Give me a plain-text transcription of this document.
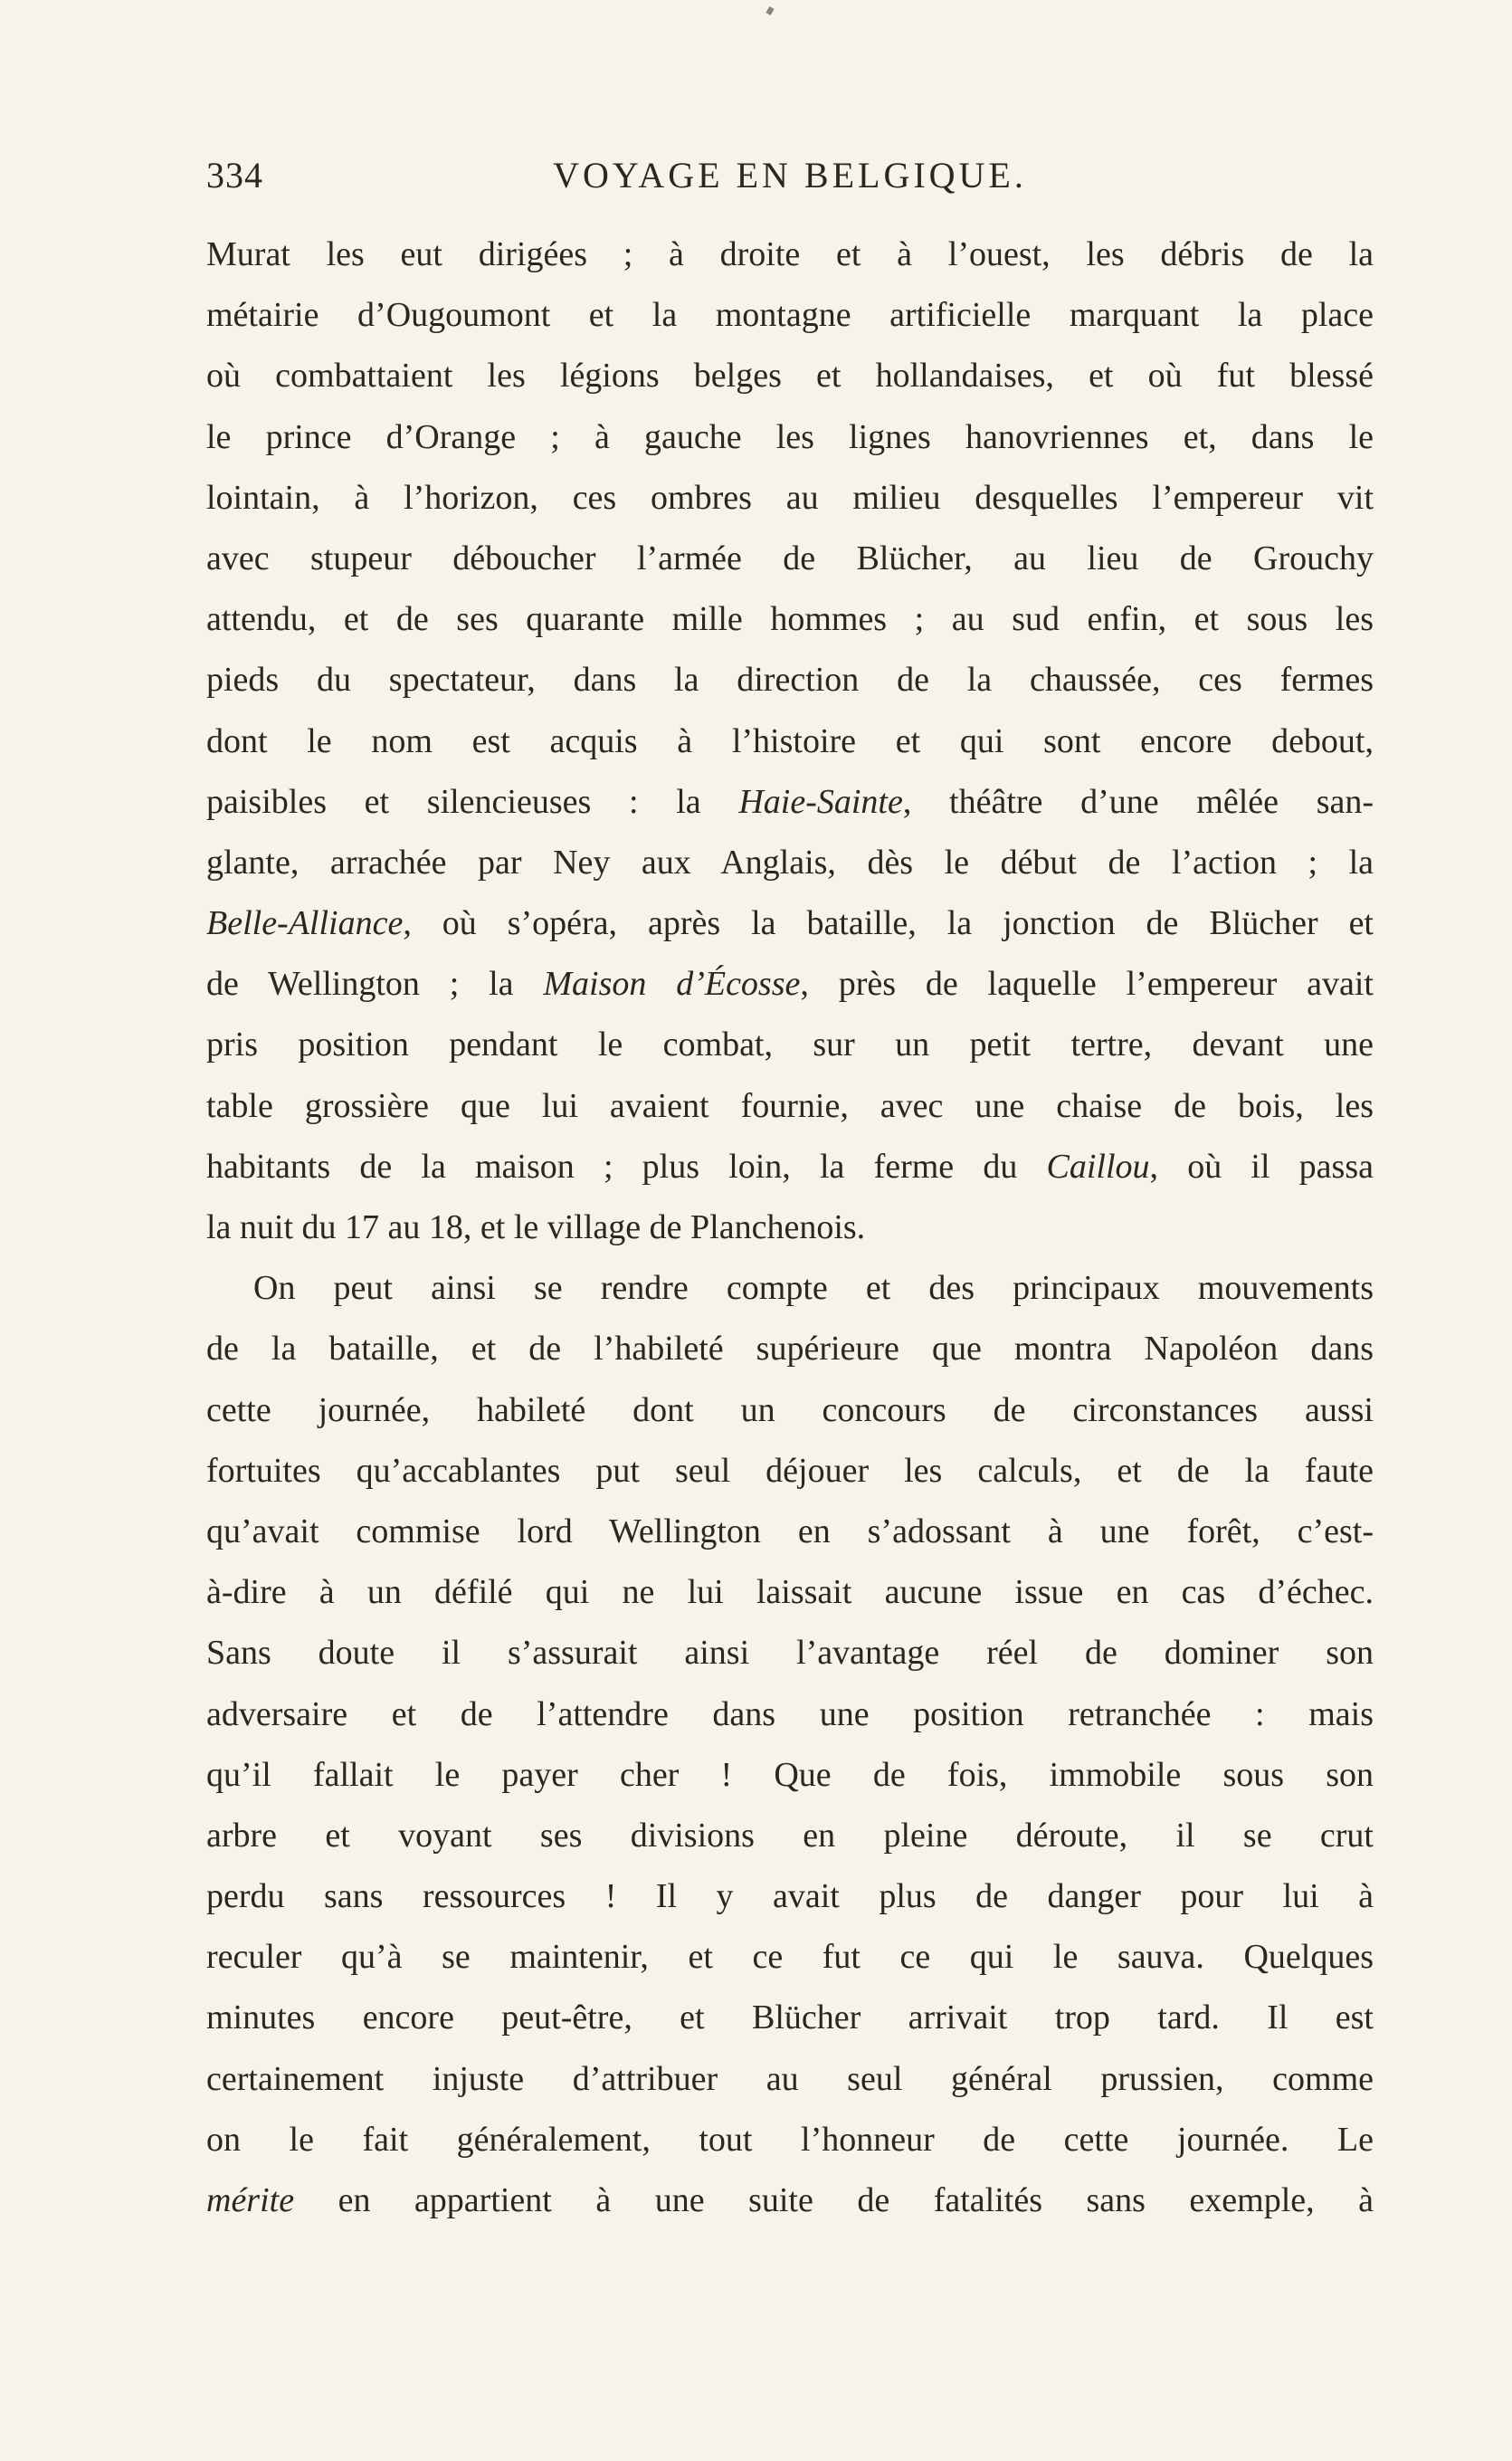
334	VOYAGE EN BELGIQUE.
Murat les eut dirigées ; à droite et à l’ouest, les débris de la
métairie d’Ougoumont et la montagne artificielle marquant la place
où combattaient les légions belges et hollandaises, et où fut blessé
le prince d’Orange ; à gauche les lignes hanovriennes et, dans le
lointain, à l’horizon, ces ombres au milieu desquelles l’empereur vit
avec stupeur déboucher l’armée de Blücher, au lieu de Grouchy
attendu, et de ses quarante mille hommes ; au sud enfin, et sous les
pieds du spectateur, dans la direction de la chaussée, ces fermes
dont le nom est acquis à l’histoire et qui sont encore debout,
paisibles et silencieuses : la Haie-Sainte, théâtre d’une mêlée san-
glante, arrachée par Ney aux Anglais, dès le début de l’action ; la
Belle-Alliance, où s’opéra, après la bataille, la jonction de Blücher et
de Wellington ; la Maison d’Écosse, près de laquelle l’empereur avait
pris position pendant le combat, sur un petit tertre, devant une
table grossière que lui avaient fournie, avec une chaise de bois, les
habitants de la maison ; plus loin, la ferme du Caillou, où il passa
la nuit du 17 au 18, et le village de Planchenois.
On peut ainsi se rendre compte et des principaux mouvements
de la bataille, et de l’habileté supérieure que montra Napoléon dans
cette journée, habileté dont un concours de circonstances aussi
fortuites qu’accablantes put seul déjouer les calculs, et de la faute
qu’avait commise lord Wellington en s’adossant à une forêt, c’est-
à-dire à un défilé qui ne lui laissait aucune issue en cas d’échec.
Sans doute il s’assurait ainsi l’avantage réel de dominer son
adversaire et de l’attendre dans une position retranchée : mais
qu’il fallait le payer cher ! Que de fois, immobile sous son
arbre et voyant ses divisions en pleine déroute, il se crut
perdu sans ressources ! Il y avait plus de danger pour lui à
reculer qu’à se maintenir, et ce fut ce qui le sauva. Quelques
minutes encore peut-être, et Blücher arrivait trop tard. Il est
certainement injuste d’attribuer au seul général prussien, comme
on le fait généralement, tout l’honneur de cette journée. Le
mérite en appartient à une suite de fatalités sans exemple, à
